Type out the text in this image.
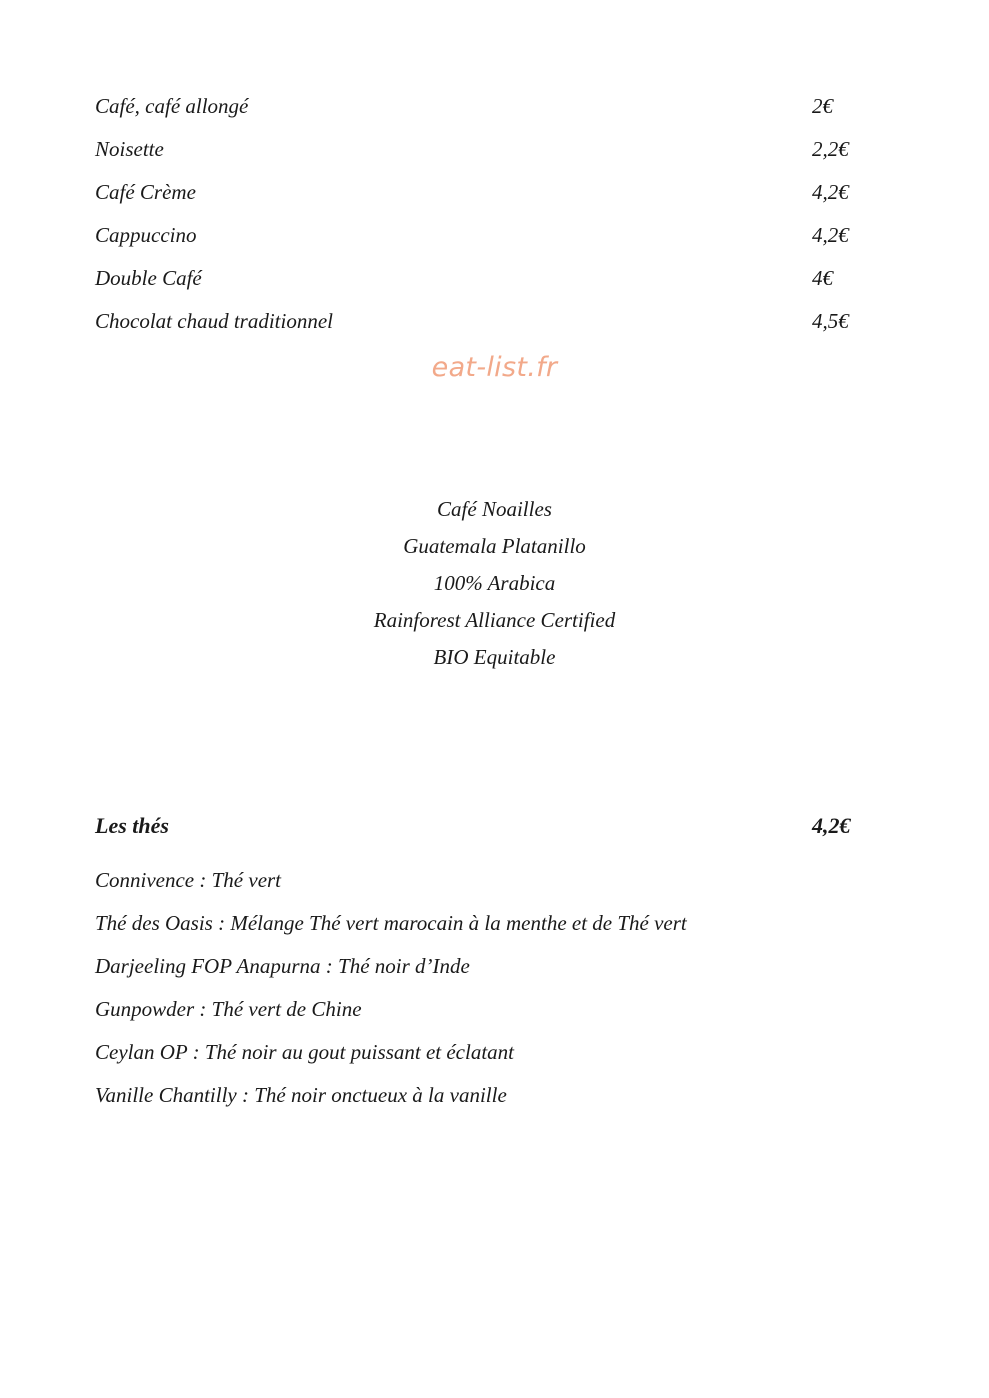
Café, café allongé	2€
Noisette	2,2€
Café Crème	4,2€
Cappuccino	4,2€
Double Café	4€
Chocolat chaud traditionnel	4,5€
eat-list.fr
Café Noailles
Guatemala Platanillo
100% Arabica
Rainforest Alliance Certified
BIO Equitable
Les thés	4,2€
Connivence : Thé vert
Thé des Oasis : Mélange Thé vert marocain à la menthe et de Thé vert
Darjeeling FOP Anapurna : Thé noir d’Inde
Gunpowder : Thé vert de Chine
Ceylan OP : Thé noir au gout puissant et éclatant
Vanille Chantilly : Thé noir onctueux à la vanille
